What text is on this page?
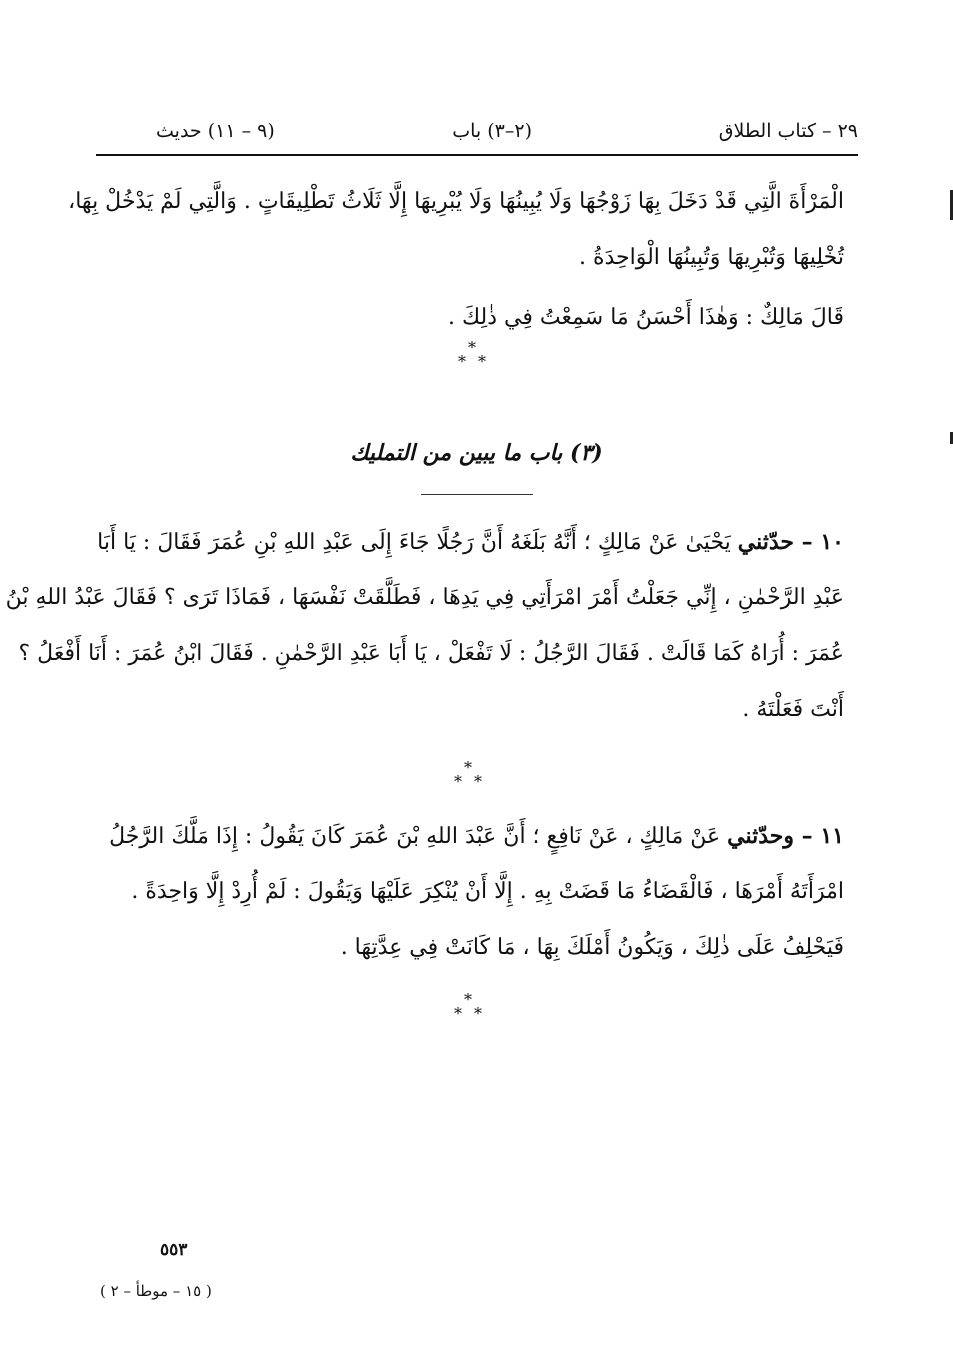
٢٩ – كتاب الطلاق
(٢–٣) باب
(٩ – ١١) حديث
الْمَرْأَةَ الَّتِي قَدْ دَخَلَ بِهَا زَوْجُهَا وَلَا يُبِينُهَا وَلَا يُبْرِيهَا إِلَّا ثَلَاثُ تَطْلِيقَاتٍ . وَالَّتِي لَمْ يَدْخُلْ بِهَا،
تُخْلِيهَا وَتُبْرِيهَا وَتُبِينُهَا الْوَاحِدَةُ .
قَالَ مَالِكٌ : وَهٰذَا أَحْسَنُ مَا سَمِعْتُ فِي ذٰلِكَ .
*
* *
(٣) باب ما يبين من التمليك
١٠ – حدّثني يَحْيَىٰ عَنْ مَالِكٍ ؛ أَنَّهُ بَلَغَهُ أَنَّ رَجُلًا جَاءَ إِلَى عَبْدِ اللهِ بْنِ عُمَرَ فَقَالَ : يَا أَبَا
عَبْدِ الرَّحْمٰنِ ، إِنِّي جَعَلْتُ أَمْرَ امْرَأَتِي فِي يَدِهَا ، فَطَلَّقَتْ نَفْسَهَا ، فَمَاذَا تَرَى ؟ فَقَالَ عَبْدُ اللهِ بْنُ
عُمَرَ : أُرَاهُ كَمَا قَالَتْ . فَقَالَ الرَّجُلُ : لَا تَفْعَلْ ، يَا أَبَا عَبْدِ الرَّحْمٰنِ . فَقَالَ ابْنُ عُمَرَ : أَنَا أَفْعَلُ ؟
أَنْتَ فَعَلْتَهُ .
*
* *
١١ – وحدّثني عَنْ مَالِكٍ ، عَنْ نَافِعٍ ؛ أَنَّ عَبْدَ اللهِ بْنَ عُمَرَ كَانَ يَقُولُ : إِذَا مَلَّكَ الرَّجُلُ
امْرَأَتَهُ أَمْرَهَا ، فَالْقَضَاءُ مَا قَضَتْ بِهِ . إِلَّا أَنْ يُنْكِرَ عَلَيْهَا وَيَقُولَ : لَمْ أُرِدْ إِلَّا وَاحِدَةً .
فَيَحْلِفُ عَلَى ذٰلِكَ ، وَيَكُونُ أَمْلَكَ بِهَا ، مَا كَانَتْ فِي عِدَّتِهَا .
*
* *
٥٥٣
( ١٥ – موطأ – ٢ )
